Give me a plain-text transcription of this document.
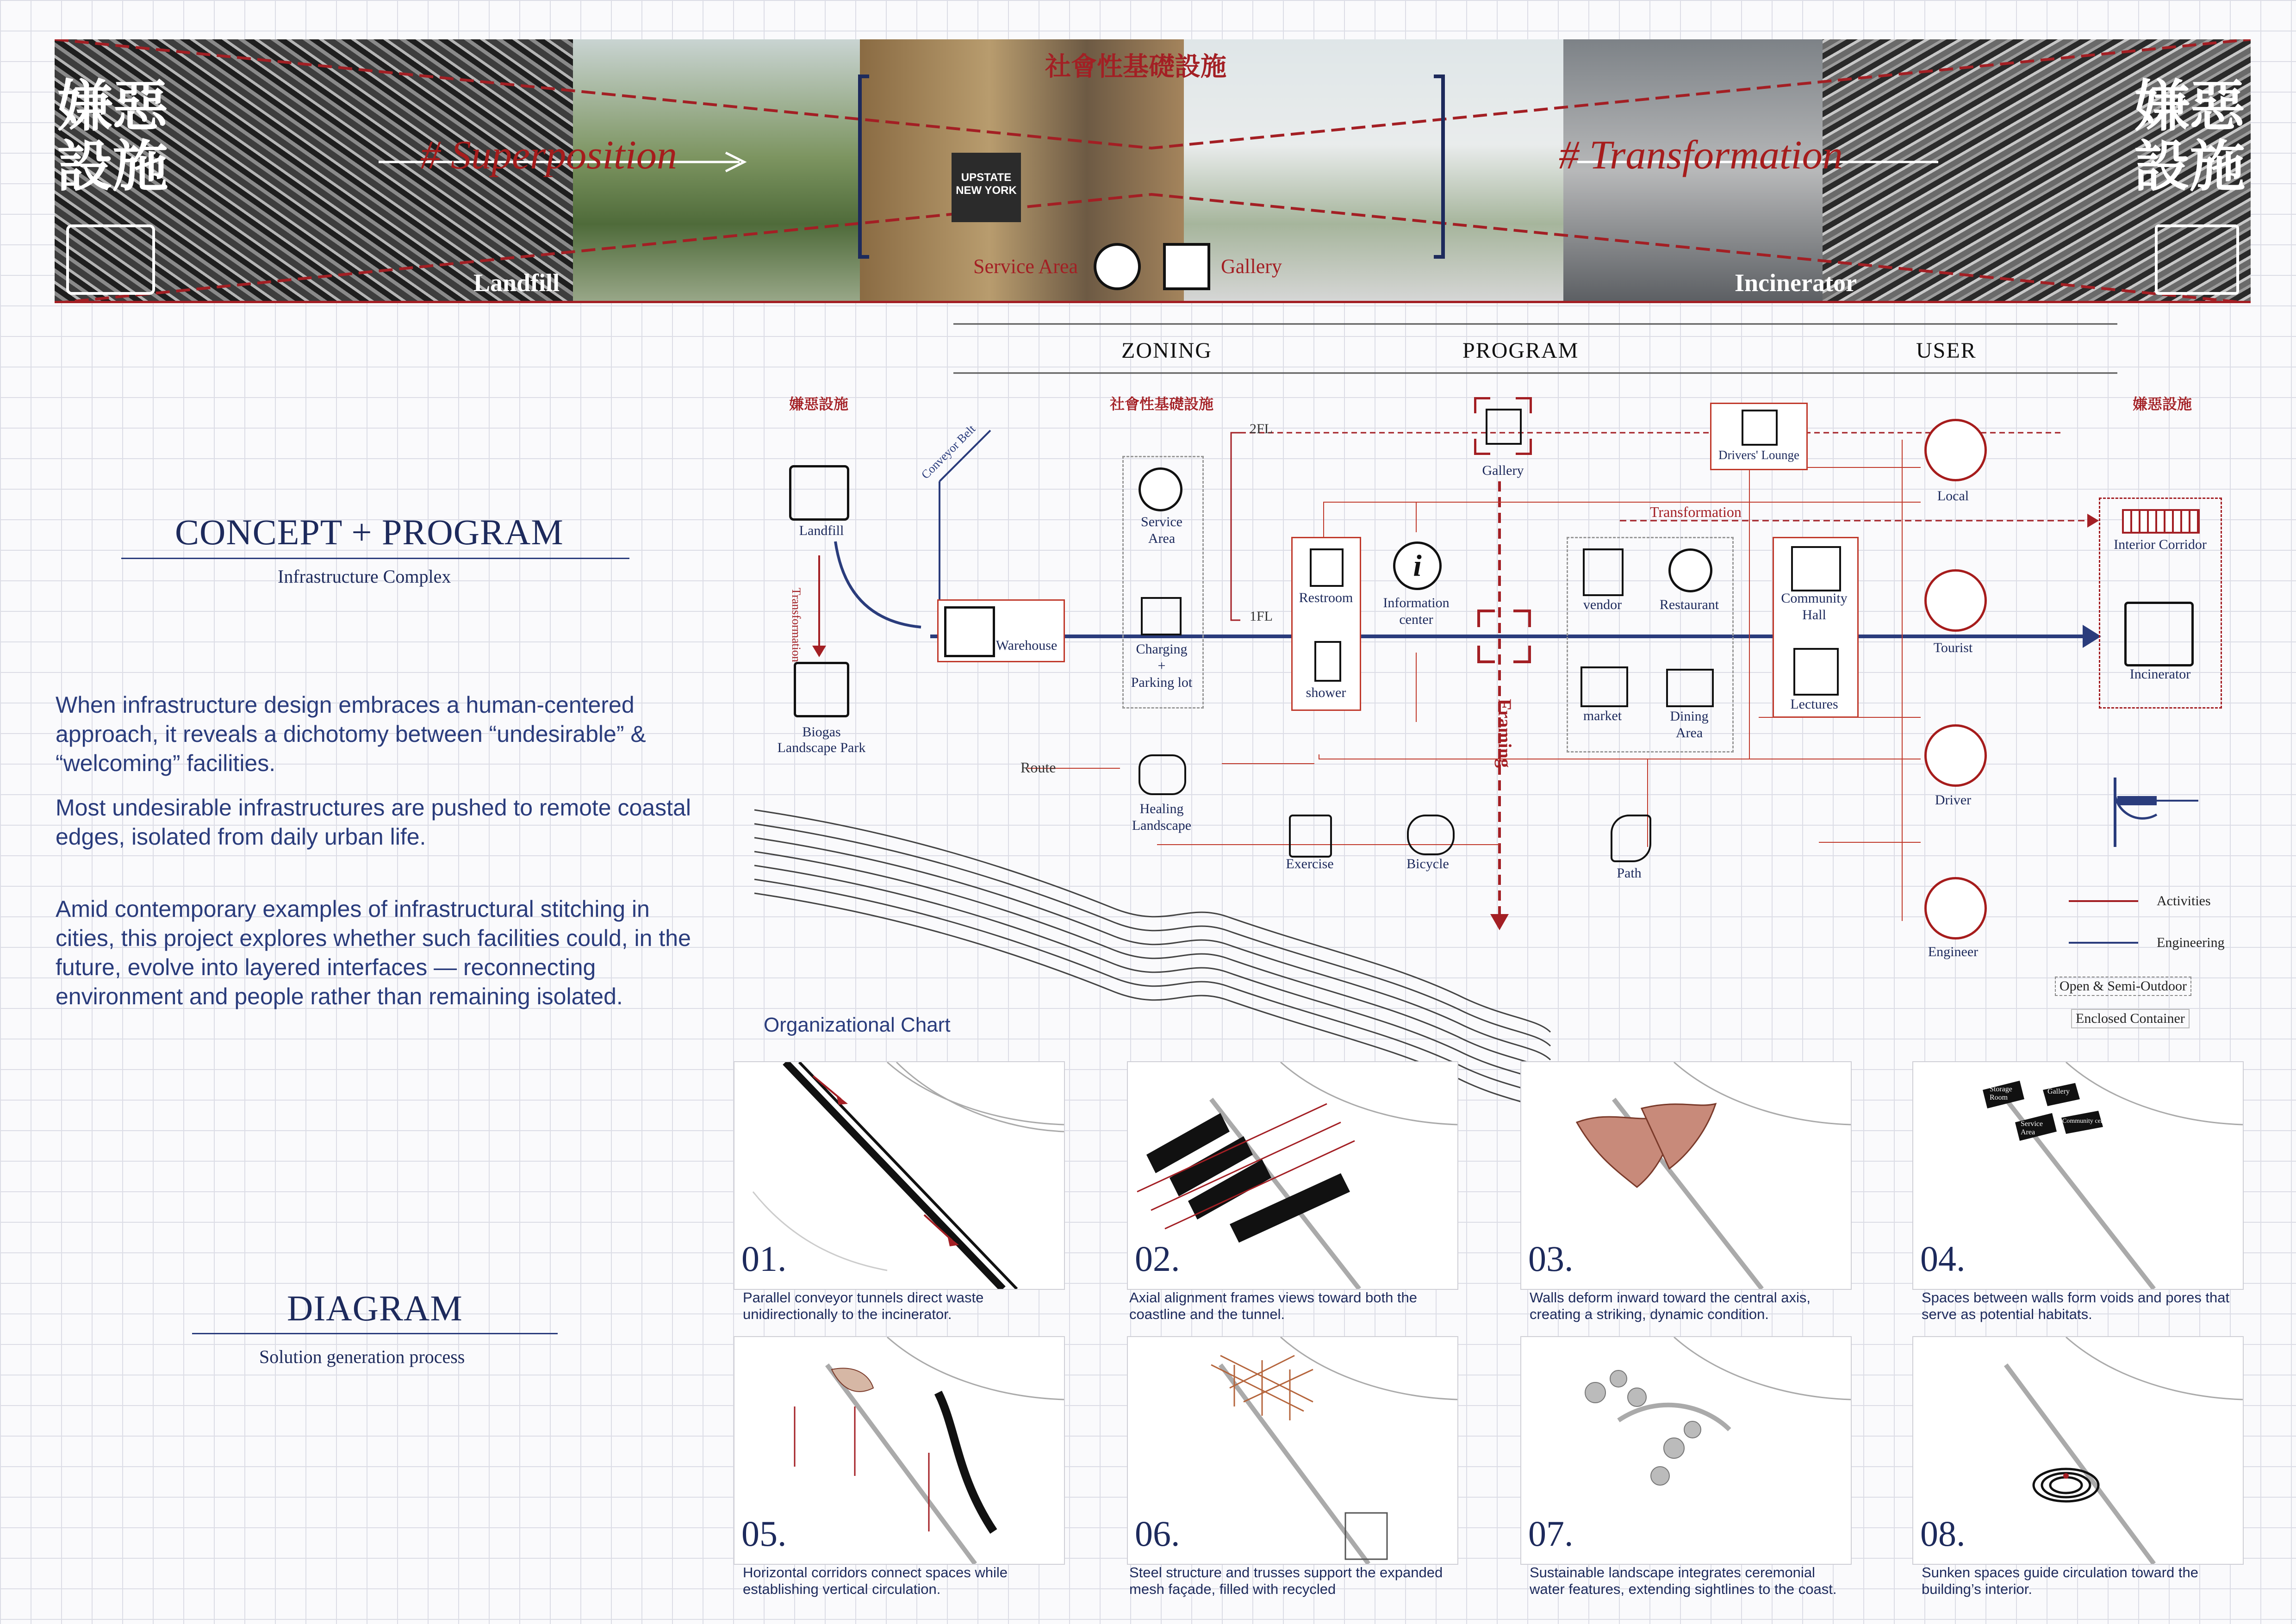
嫌惡
設施
嫌惡
設施
社會性基礎設施
# Superposition	# Transformation
UPSTATE
NEW YORK
Landfill	Incinerator
Service Area	Gallery
ZONING	PROGRAM	USER
嫌惡設施	社會性基礎設施	嫌惡設施
2FL
1FL
Conveyor Belt
Transformation
Transformation
Framing
Route
Organizational Chart
Landfill
Biogas
Landscape Park
Warehouse
Service
Area
Charging
+
Parking lot
Healing
Landscape
Gallery
Restroom
shower
i
Information
center
Exercise	Bicycle
Path
vendor	Restaurant
market	Dining
Area
Drivers' Lounge
Community
Hall
Lectures
Local
Tourist
Driver
Engineer
Interior Corridor
Incinerator
Activities
Engineering
Open & Semi-Outdoor
Enclosed Container
CONCEPT + PROGRAM
Infrastructure Complex
When infrastructure design embraces a human-centered approach, it reveals a dichotomy between “undesirable” & “welcoming” facilities.
Most undesirable infrastructures are pushed to remote coastal edges, isolated from daily urban life.
Amid contemporary examples of infrastructural stitching in cities, this project explores whether such facilities could, in the future, evolve into layered interfaces — reconnecting environment and people rather than remaining isolated.
DIAGRAM
Solution generation process
01.
Parallel conveyor tunnels direct waste unidirectionally to the incinerator.
02.
Axial alignment frames views toward both the coastline and the tunnel.
03.
Walls deform inward toward the central axis, creating a striking, dynamic condition.
Storage
Room
Gallery
Service
Area
Community center
04.
Spaces between walls form voids and pores that serve as potential habitats.
05.
Horizontal corridors connect spaces while establishing vertical circulation.
06.
Steel structure and trusses support the expanded mesh façade, filled with recycled
07.
Sustainable landscape integrates ceremonial water features, extending sightlines to the coast.
08.
Sunken spaces guide circulation toward the building’s interior.
